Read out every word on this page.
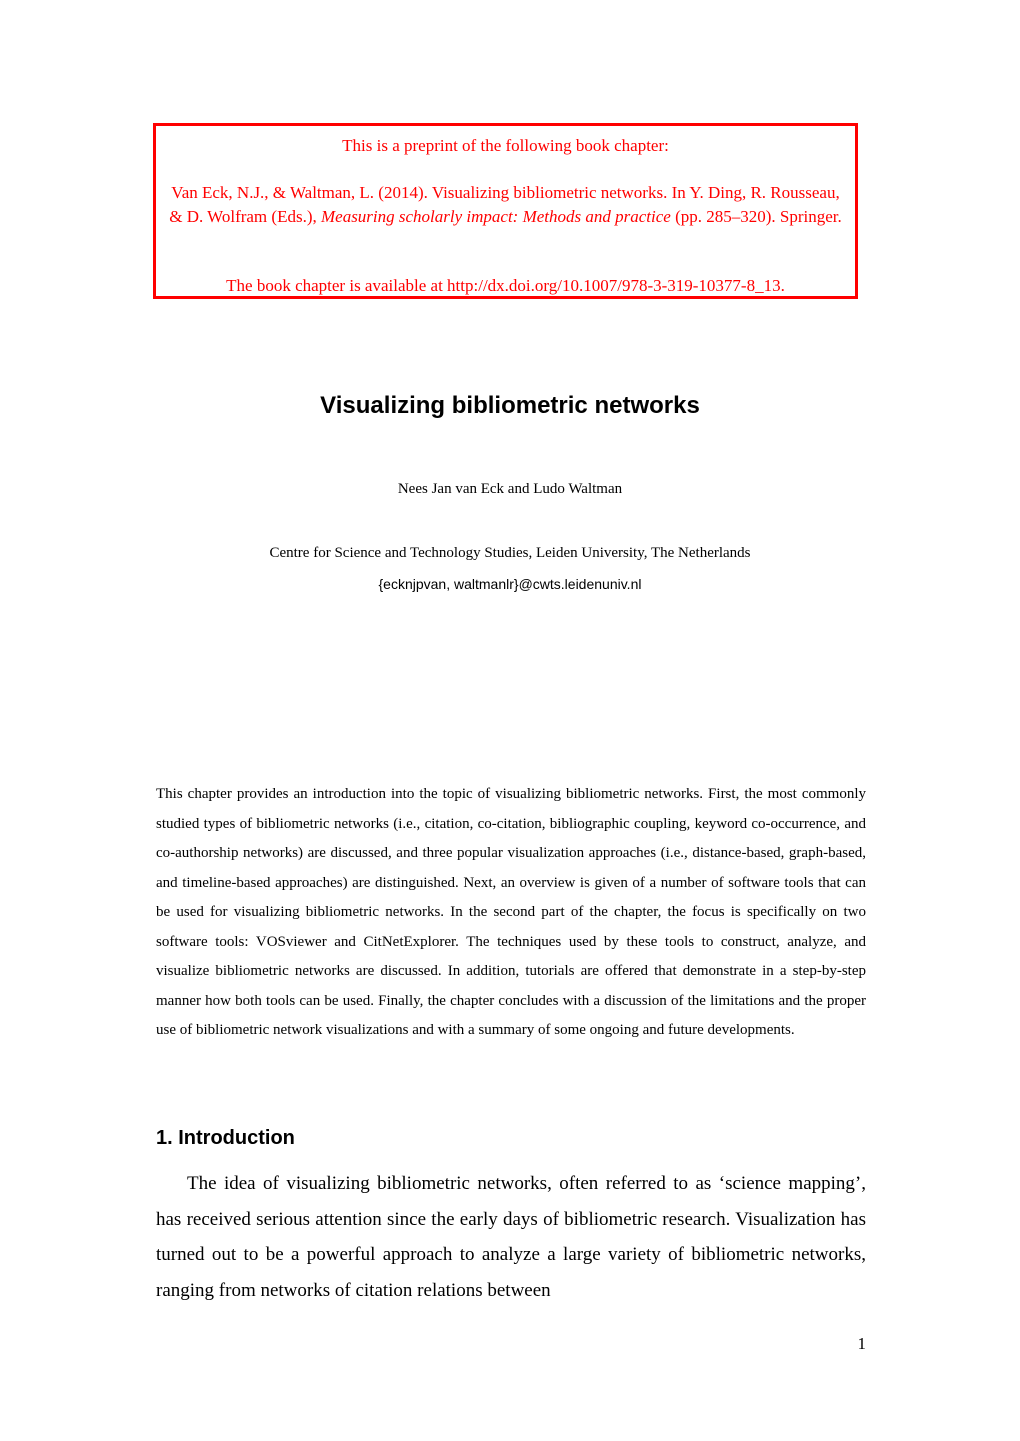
This is a preprint of the following book chapter:

Van Eck, N.J., & Waltman, L. (2014). Visualizing bibliometric networks. In Y. Ding, R. Rousseau, & D. Wolfram (Eds.), Measuring scholarly impact: Methods and practice (pp. 285–320). Springer.

The book chapter is available at http://dx.doi.org/10.1007/978-3-319-10377-8_13.

Visualizing bibliometric networks
Nees Jan van Eck and Ludo Waltman
Centre for Science and Technology Studies, Leiden University, The Netherlands
{ecknjpvan, waltmanlr}@cwts.leidenuniv.nl

This chapter provides an introduction into the topic of visualizing bibliometric networks. First, the most commonly studied types of bibliometric networks (i.e., citation, co-citation, bibliographic coupling, keyword co-occurrence, and co-authorship networks) are discussed, and three popular visualization approaches (i.e., distance-based, graph-based, and timeline-based approaches) are distinguished. Next, an overview is given of a number of software tools that can be used for visualizing bibliometric networks. In the second part of the chapter, the focus is specifically on two software tools: VOSviewer and CitNetExplorer. The techniques used by these tools to construct, analyze, and visualize bibliometric networks are discussed. In addition, tutorials are offered that demonstrate in a step-by-step manner how both tools can be used. Finally, the chapter concludes with a discussion of the limitations and the proper use of bibliometric network visualizations and with a summary of some ongoing and future developments.

1. Introduction

The idea of visualizing bibliometric networks, often referred to as ‘science mapping’, has received serious attention since the early days of bibliometric research. Visualization has turned out to be a powerful approach to analyze a large variety of bibliometric networks, ranging from networks of citation relations between

1
